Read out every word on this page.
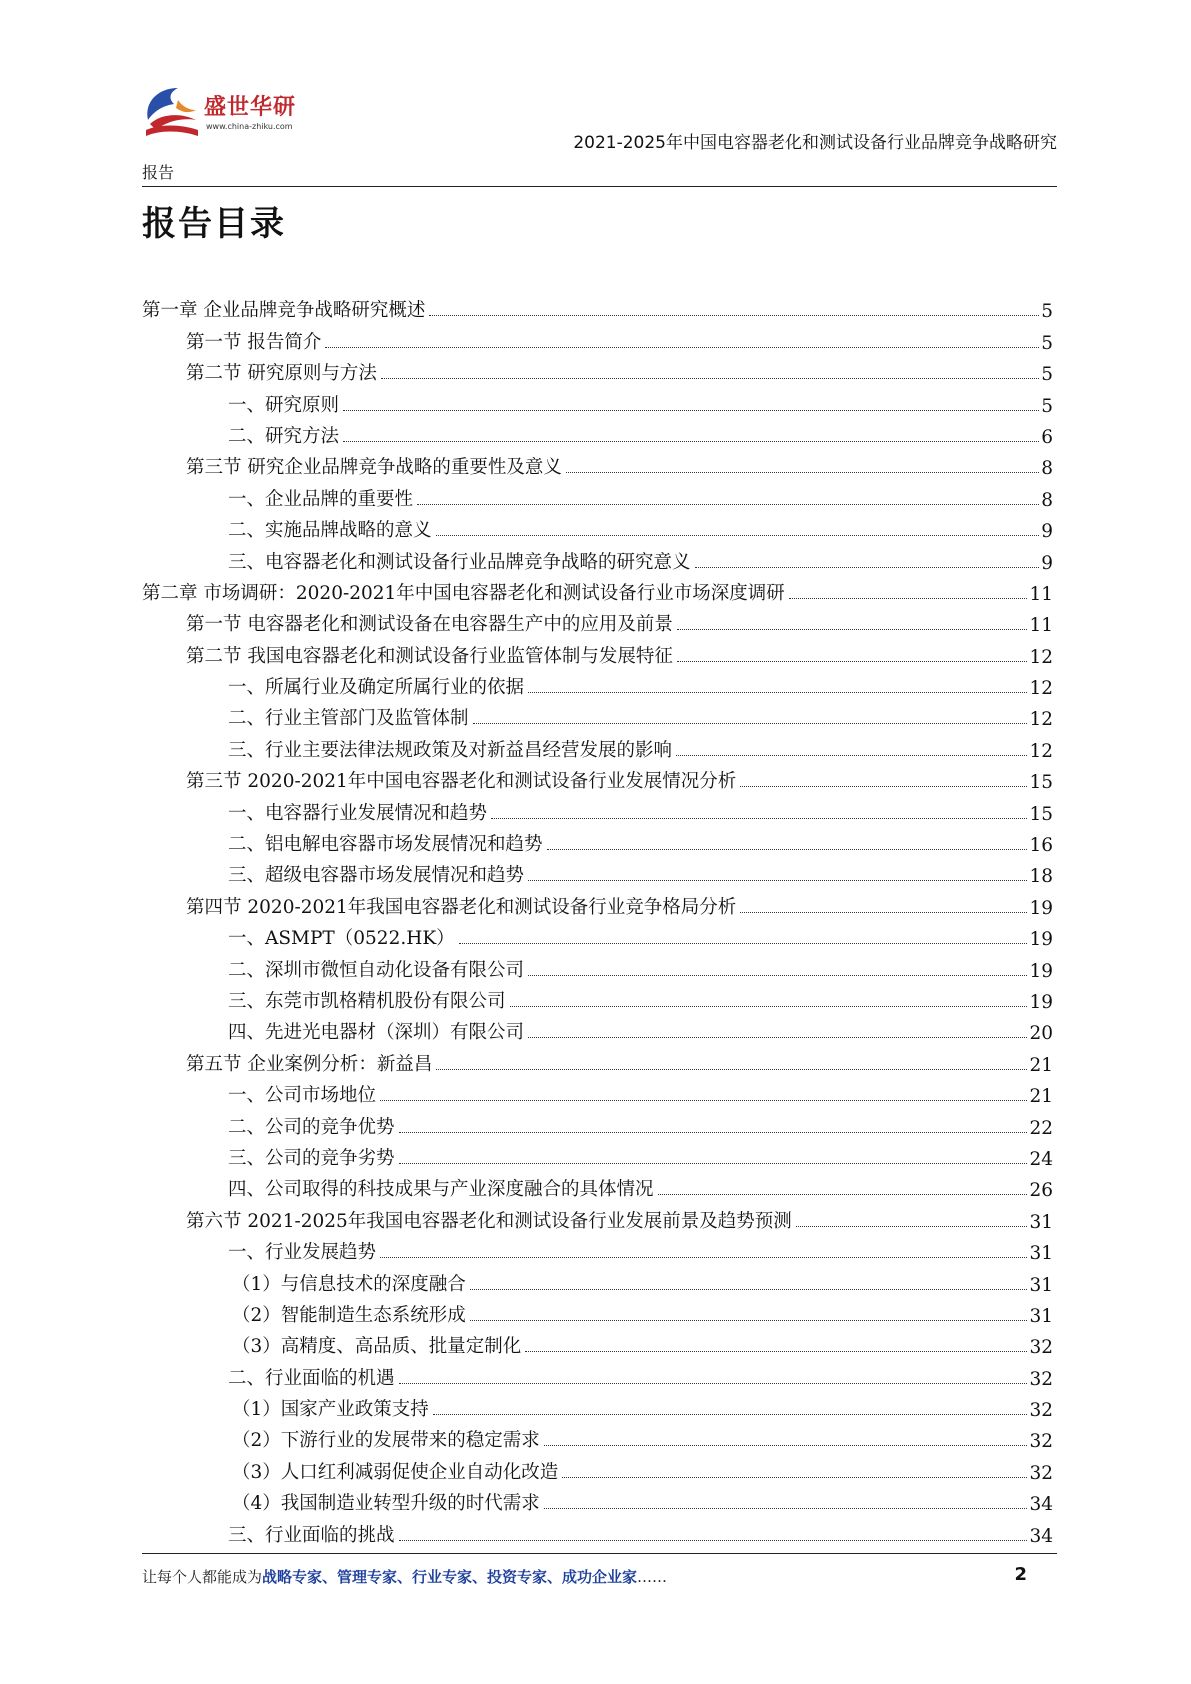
盛世华研
www.china-zhiku.com
2021-2025年中国电容器老化和测试设备行业品牌竞争战略研究
报告
报告目录
第一章 企业品牌竞争战略研究概述	5
第一节 报告简介	5
第二节 研究原则与方法	5
一、研究原则	5
二、研究方法	6
第三节 研究企业品牌竞争战略的重要性及意义	8
一、企业品牌的重要性	8
二、实施品牌战略的意义	9
三、电容器老化和测试设备行业品牌竞争战略的研究意义	9
第二章 市场调研：2020-2021年中国电容器老化和测试设备行业市场深度调研	11
第一节 电容器老化和测试设备在电容器生产中的应用及前景	11
第二节 我国电容器老化和测试设备行业监管体制与发展特征	12
一、所属行业及确定所属行业的依据	12
二、行业主管部门及监管体制	12
三、行业主要法律法规政策及对新益昌经营发展的影响	12
第三节 2020-2021年中国电容器老化和测试设备行业发展情况分析	15
一、电容器行业发展情况和趋势	15
二、铝电解电容器市场发展情况和趋势	16
三、超级电容器市场发展情况和趋势	18
第四节 2020-2021年我国电容器老化和测试设备行业竞争格局分析	19
一、ASMPT（0522.HK）	19
二、深圳市微恒自动化设备有限公司	19
三、东莞市凯格精机股份有限公司	19
四、先进光电器材（深圳）有限公司	20
第五节 企业案例分析：新益昌	21
一、公司市场地位	21
二、公司的竞争优势	22
三、公司的竞争劣势	24
四、公司取得的科技成果与产业深度融合的具体情况	26
第六节 2021-2025年我国电容器老化和测试设备行业发展前景及趋势预测	31
一、行业发展趋势	31
（1）与信息技术的深度融合	31
（2）智能制造生态系统形成	31
（3）高精度、高品质、批量定制化	32
二、行业面临的机遇	32
（1）国家产业政策支持	32
（2）下游行业的发展带来的稳定需求	32
（3）人口红利减弱促使企业自动化改造	32
（4）我国制造业转型升级的时代需求	34
三、行业面临的挑战	34
让每个人都能成为战略专家、管理专家、行业专家、投资专家、成功企业家……	2
